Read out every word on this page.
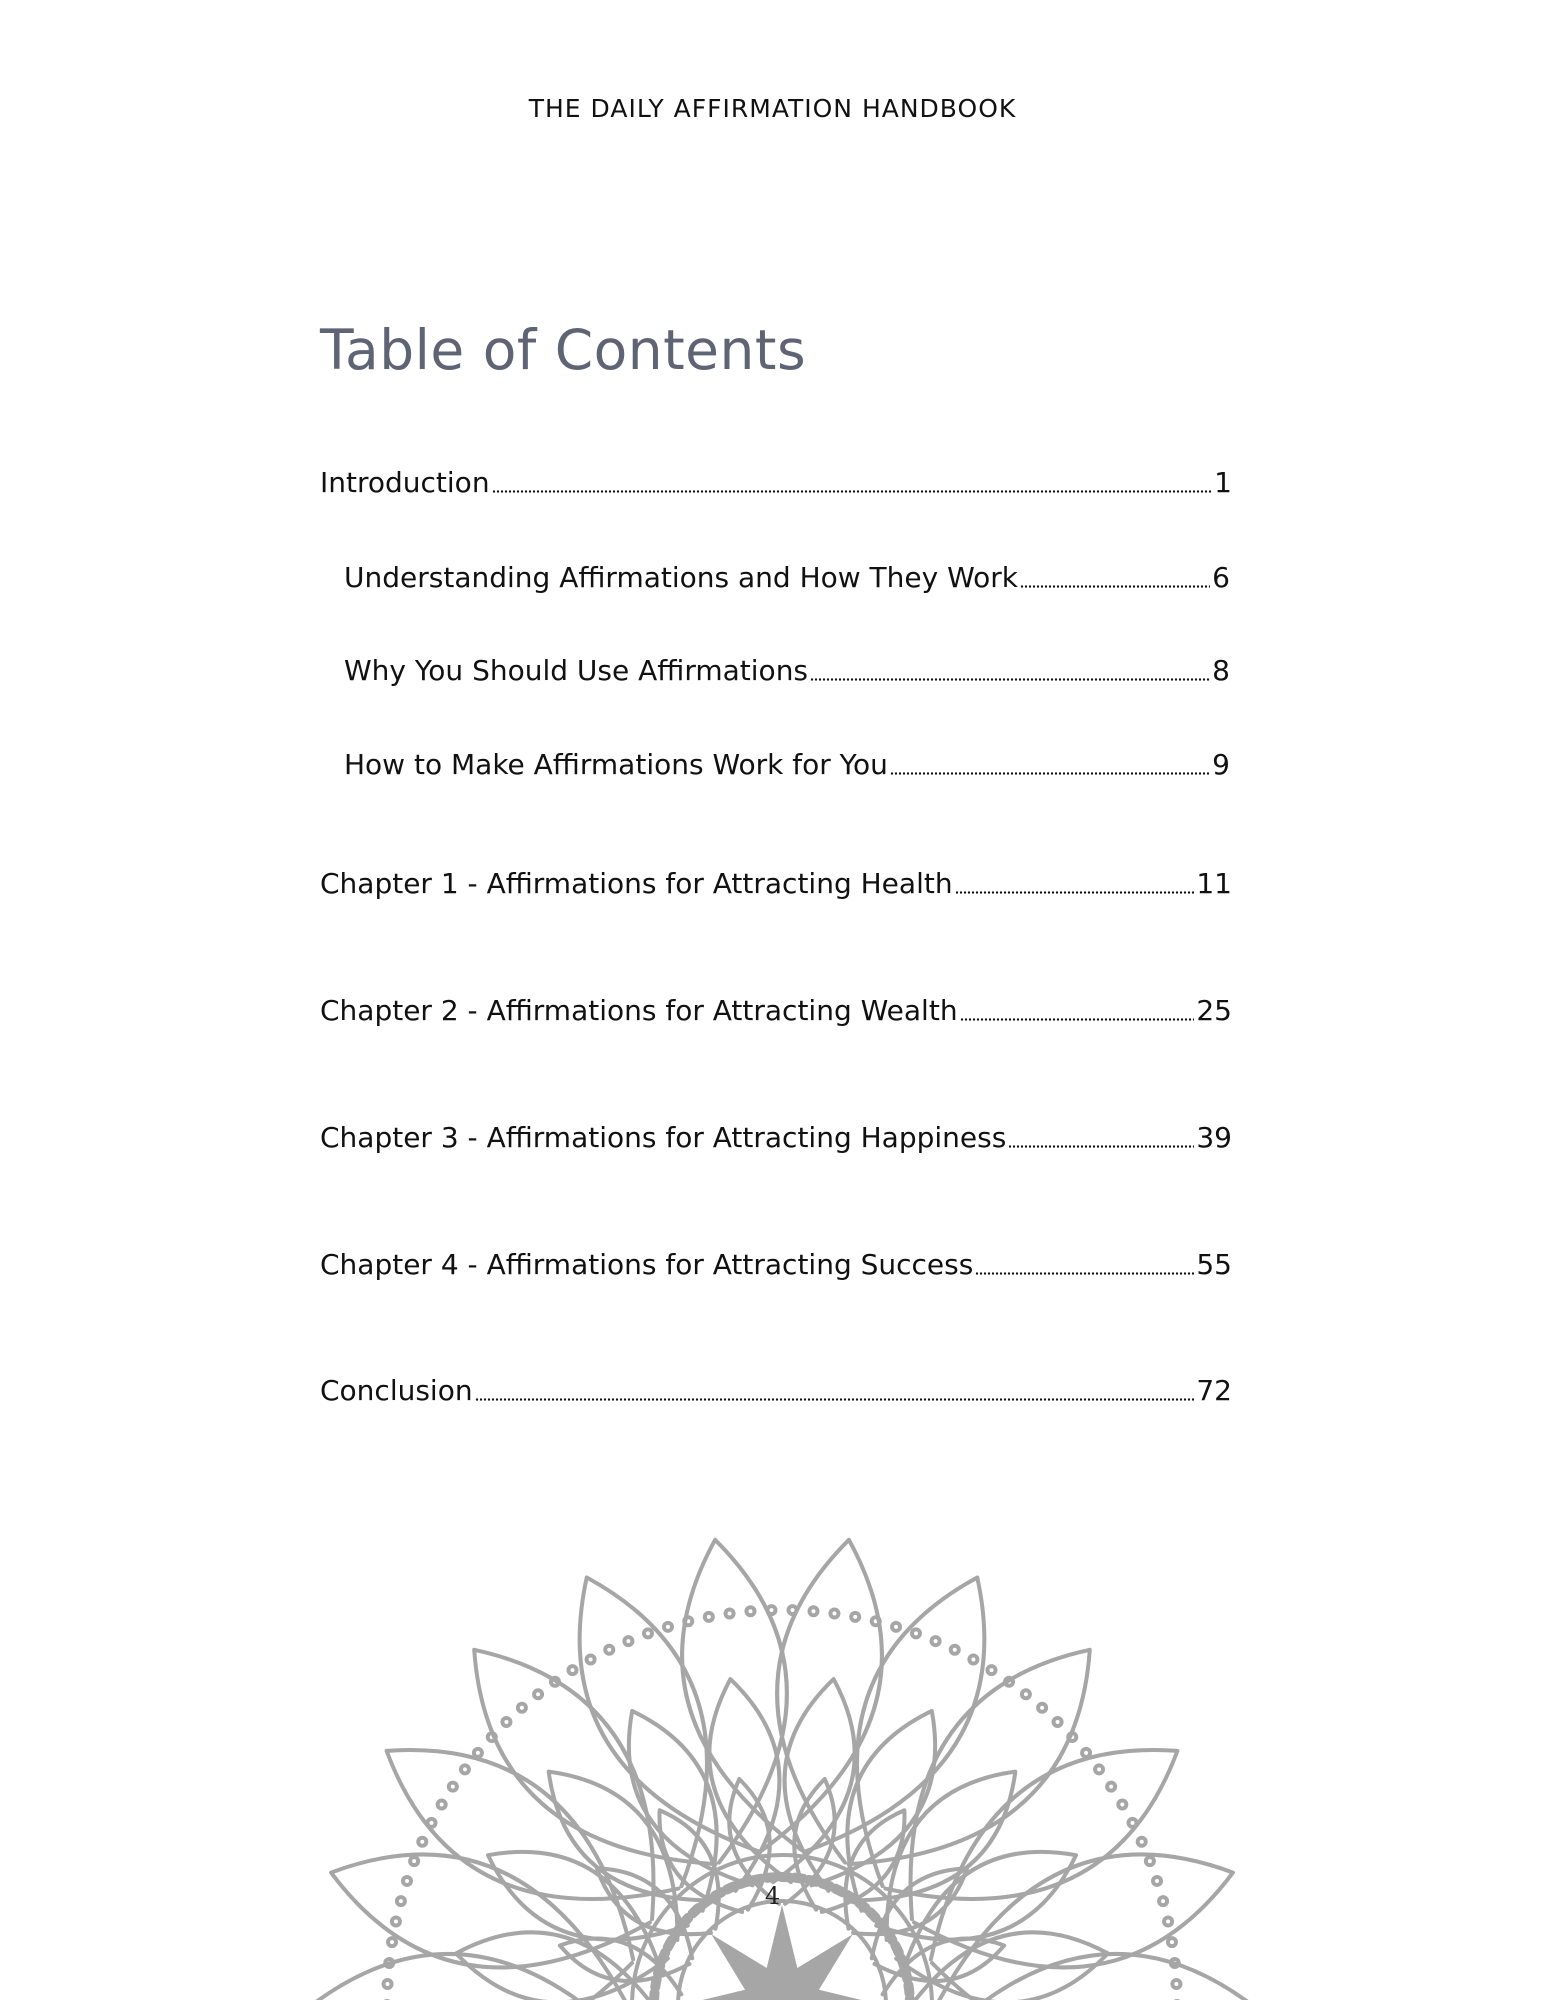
THE DAILY AFFIRMATION HANDBOOK
Table of Contents
Introduction	1
Understanding Affirmations and How They Work	6
Why You Should Use Affirmations	8
How to Make Affirmations Work for You	9
Chapter 1 - Affirmations for Attracting Health	11
Chapter 2 - Affirmations for Attracting Wealth	25
Chapter 3 - Affirmations for Attracting Happiness	39
Chapter 4 - Affirmations for Attracting Success	55
Conclusion	72
4
